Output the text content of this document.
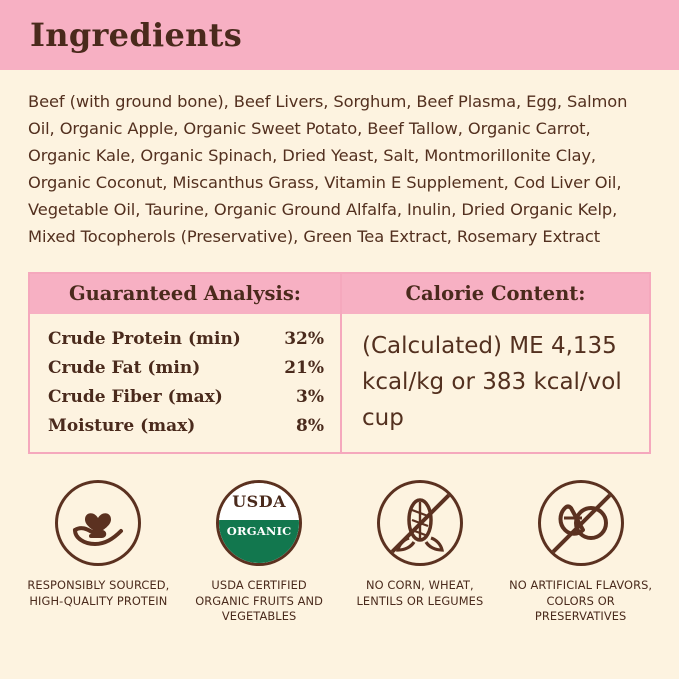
Ingredients
Beef (with ground bone), Beef Livers, Sorghum, Beef Plasma, Egg, Salmon Oil, Organic Apple, Organic Sweet Potato, Beef Tallow, Organic Carrot, Organic Kale, Organic Spinach, Dried Yeast, Salt, Montmorillonite Clay, Organic Coconut, Miscanthus Grass, Vitamin E Supplement, Cod Liver Oil, Vegetable Oil, Taurine, Organic Ground Alfalfa, Inulin, Dried Organic Kelp, Mixed Tocopherols (Preservative), Green Tea Extract, Rosemary Extract
Guaranteed Analysis:
Crude Protein (min)	32%
Crude Fat (min)	21%
Crude Fiber (max)	3%
Moisture (max)	8%
Calorie Content:
(Calculated) ME 4,135 kcal/kg or 383 kcal/vol cup
RESPONSIBLY SOURCED, HIGH-QUALITY PROTEIN
USDA
ORGANIC
USDA CERTIFIED ORGANIC FRUITS AND VEGETABLES
NO CORN, WHEAT, LENTILS OR LEGUMES
NO ARTIFICIAL FLAVORS, COLORS OR PRESERVATIVES
